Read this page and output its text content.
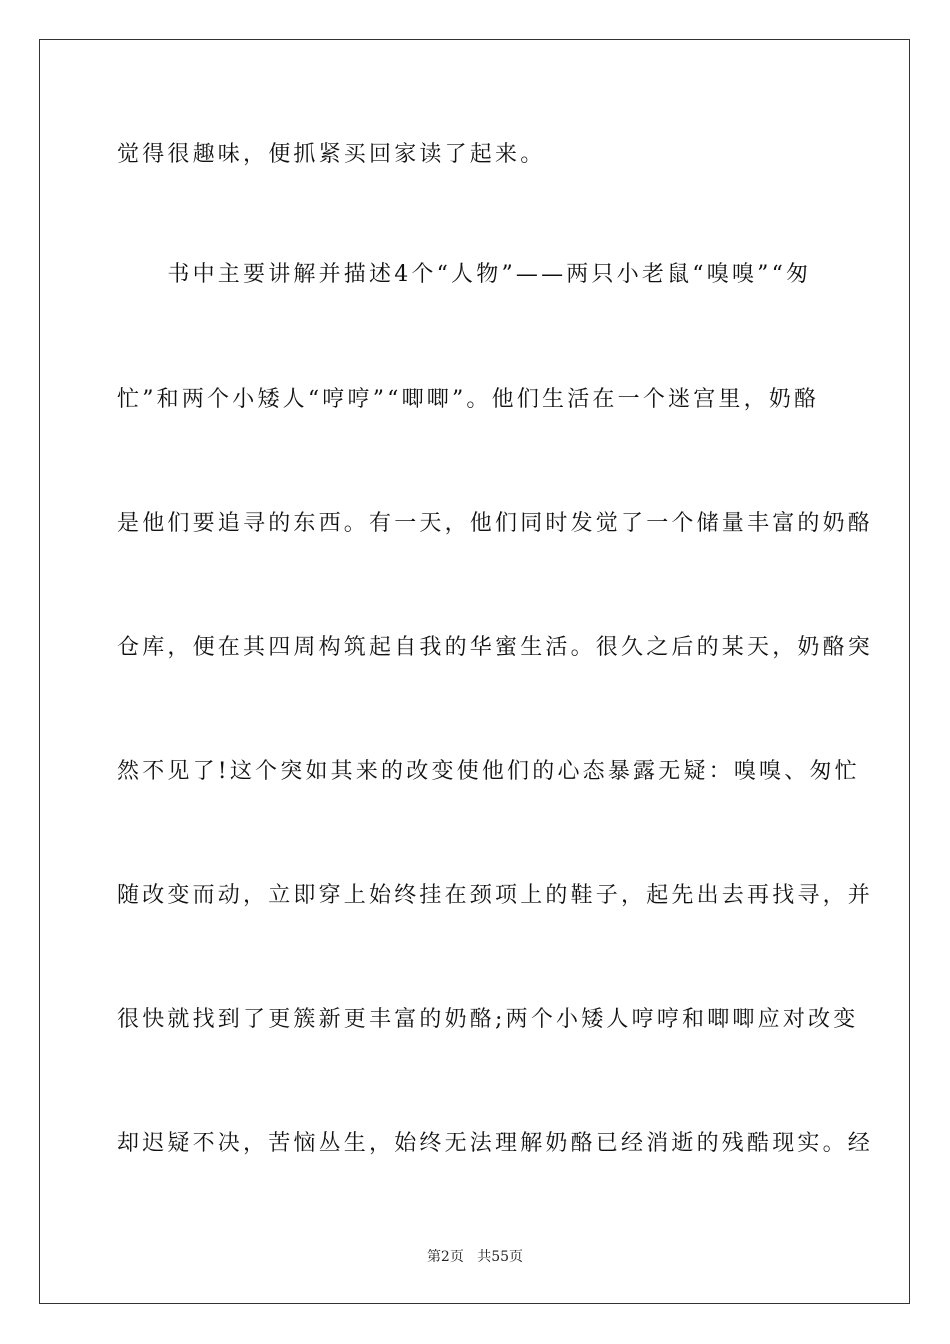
觉得很趣味，便抓紧买回家读了起来。
　　书中主要讲解并描述4个“人物”——两只小老鼠“嗅嗅”“匆
忙”和两个小矮人“哼哼”“唧唧”。他们生活在一个迷宫里，奶酪
是他们要追寻的东西。有一天，他们同时发觉了一个储量丰富的奶酪
仓库，便在其四周构筑起自我的华蜜生活。很久之后的某天，奶酪突
然不见了!这个突如其来的改变使他们的心态暴露无疑：嗅嗅、匆忙
随改变而动，立即穿上始终挂在颈项上的鞋子，起先出去再找寻，并
很快就找到了更簇新更丰富的奶酪;两个小矮人哼哼和唧唧应对改变
却迟疑不决，苦恼丛生，始终无法理解奶酪已经消逝的残酷现实。经
第2页 共55页
